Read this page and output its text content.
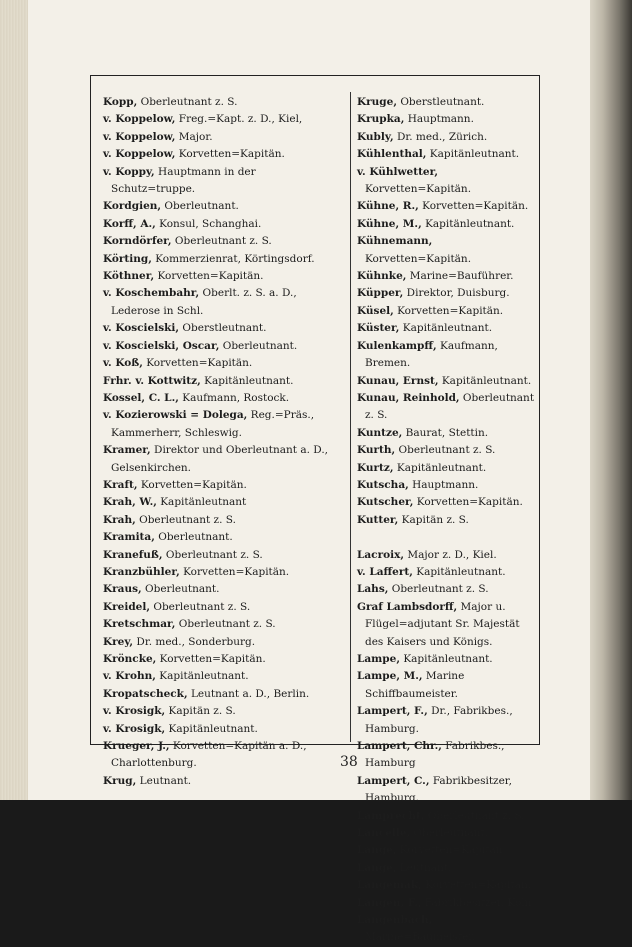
Kopp, Oberleutnant z. S.
v. Koppelow, Freg.=Kapt. z. D., Kiel,
v. Koppelow, Major.
v. Koppelow, Korvetten=Kapitän.
v. Koppy, Hauptmann in der Schutz=truppe.
Kordgien, Oberleutnant.
Korff, A., Konsul, Schanghai.
Korndörfer, Oberleutnant z. S.
Körting, Kommerzienrat, Körtingsdorf.
Köthner, Korvetten=Kapitän.
v. Koschembahr, Oberlt. z. S. a. D., Lederose in Schl.
v. Koscielski, Oberstleutnant.
v. Koscielski, Oscar, Oberleutnant.
v. Koß, Korvetten=Kapitän.
Frhr. v. Kottwitz, Kapitänleutnant.
Kossel, C. L., Kaufmann, Rostock.
v. Kozierowski = Dolega, Reg.=Präs., Kammerherr, Schleswig.
Kramer, Direktor und Oberleutnant a. D., Gelsenkirchen.
Kraft, Korvetten=Kapitän.
Krah, W., Kapitänleutnant
Krah, Oberleutnant z. S.
Kramita, Oberleutnant.
Kranefuß, Oberleutnant z. S.
Kranzbühler, Korvetten=Kapitän.
Kraus, Oberleutnant.
Kreidel, Oberleutnant z. S.
Kretschmar, Oberleutnant z. S.
Krey, Dr. med., Sonderburg.
Kröncke, Korvetten=Kapitän.
v. Krohn, Kapitänleutnant.
Kropatscheck, Leutnant a. D., Berlin.
v. Krosigk, Kapitän z. S.
v. Krosigk, Kapitänleutnant.
Krueger, J., Korvetten=Kapitän a. D., Charlottenburg.
Krug, Leutnant.
Kruge, Oberstleutnant.
Krupka, Hauptmann.
Kubly, Dr. med., Zürich.
Kühlenthal, Kapitänleutnant.
v. Kühlwetter, Korvetten=Kapitän.
Kühne, R., Korvetten=Kapitän.
Kühne, M., Kapitänleutnant.
Kühnemann, Korvetten=Kapitän.
Kühnke, Marine=Bauführer.
Küpper, Direktor, Duisburg.
Küsel, Korvetten=Kapitän.
Küster, Kapitänleutnant.
Kulenkampff, Kaufmann, Bremen.
Kunau, Ernst, Kapitänleutnant.
Kunau, Reinhold, Oberleutnant z. S.
Kuntze, Baurat, Stettin.
Kurth, Oberleutnant z. S.
Kurtz, Kapitänleutnant.
Kutscha, Hauptmann.
Kutscher, Korvetten=Kapitän.
Kutter, Kapitän z. S.
Lacroix, Major z. D., Kiel.
v. Laffert, Kapitänleutnant.
Lahs, Oberleutnant z. S.
Graf Lambsdorff, Major u. Flügel=adjutant Sr. Majestät des Kaisers und Königs.
Lampe, Kapitänleutnant.
Lampe, M., Marine Schiffbaumeister.
Lampert, F., Dr., Fabrikbes., Hamburg.
Lampert, Chr., Fabrikbes., Hamburg
Lampert, C., Fabrikbesitzer, Hamburg.
Lamprecht, Oberleutnant z. S.
Lancelle, Oberleutnant.
Lange, Korvetten=Kapitän.
Lange, Leutnant.
Langemak, Korvetten=Kapitän.
Langen, F., Fabrikbesitzer, Köln.
Langenbach, Marine=Baumeister.
38
